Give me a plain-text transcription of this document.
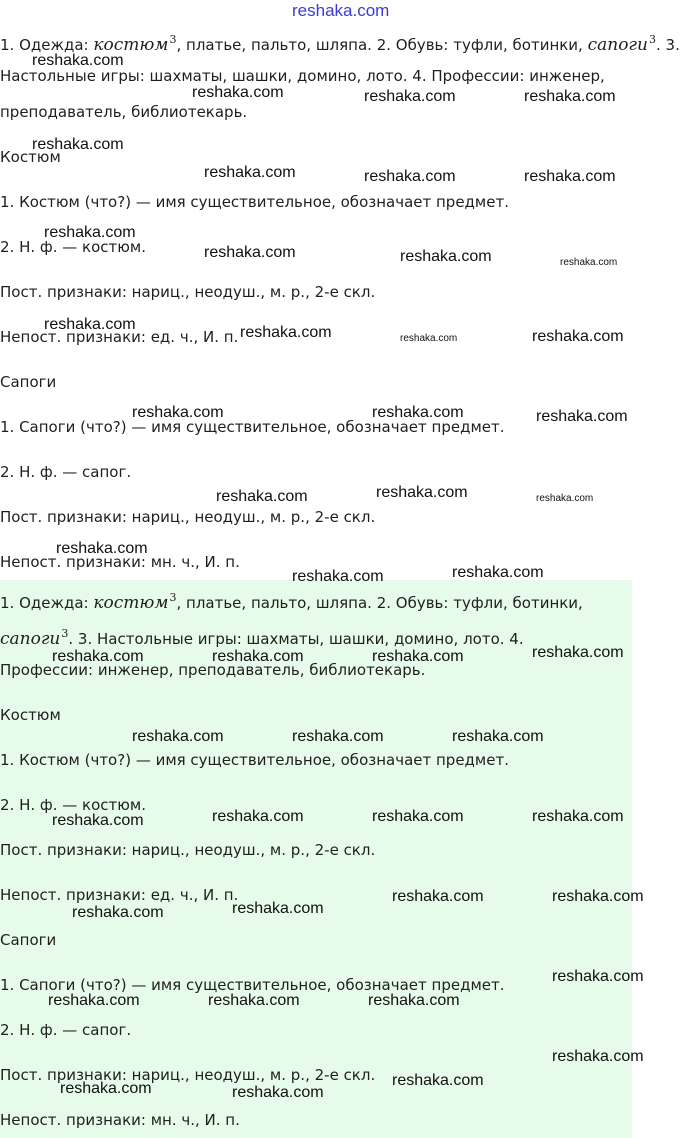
1. Одежда: костюм$^3$, платье, пальто, шляпа. 2. Обувь: туфли, ботинки, сапоги$^3$. 3.
Настольные игры: шахматы, шашки, домино, лото. 4. Профессии: инженер,
преподаватель, библиотекарь.
Костюм
1. Костюм (что?) — имя существительное, обозначает предмет.
2. Н. ф. — костюм.
Пост. признаки: нариц., неодуш., м. р., 2-е скл.
Непост. признаки: ед. ч., И. п.
Сапоги
1. Сапоги (что?) — имя существительное, обозначает предмет.
2. Н. ф. — сапог.
Пост. признаки: нариц., неодуш., м. р., 2-е скл.
Непост. признаки: мн. ч., И. п.
1. Одежда: костюм$^3$, платье, пальто, шляпа. 2. Обувь: туфли, ботинки,
сапоги$^3$. 3. Настольные игры: шахматы, шашки, домино, лото. 4.
Профессии: инженер, преподаватель, библиотекарь.
Костюм
1. Костюм (что?) — имя существительное, обозначает предмет.
2. Н. ф. — костюм.
Пост. признаки: нариц., неодуш., м. р., 2-е скл.
Непост. признаки: ед. ч., И. п.
Сапоги
1. Сапоги (что?) — имя существительное, обозначает предмет.
2. Н. ф. — сапог.
Пост. признаки: нариц., неодуш., м. р., 2-е скл.
Непост. признаки: мн. ч., И. п.
reshaka.com
reshaka.com
reshaka.com	reshaka.com	reshaka.com
reshaka.com
reshaka.com	reshaka.com	reshaka.com
reshaka.com
reshaka.com	reshaka.com	reshaka.com
reshaka.com	reshaka.com	reshaka.com	reshaka.com
reshaka.com	reshaka.com	reshaka.com
reshaka.com	reshaka.com	reshaka.com
reshaka.com
reshaka.com	reshaka.com
reshaka.com	reshaka.com	reshaka.com	reshaka.com
reshaka.com	reshaka.com	reshaka.com
reshaka.com	reshaka.com	reshaka.com	reshaka.com
reshaka.com	reshaka.com
reshaka.com
reshaka.com
reshaka.com
reshaka.com	reshaka.com	reshaka.com
reshaka.com
reshaka.com
reshaka.com	reshaka.com
